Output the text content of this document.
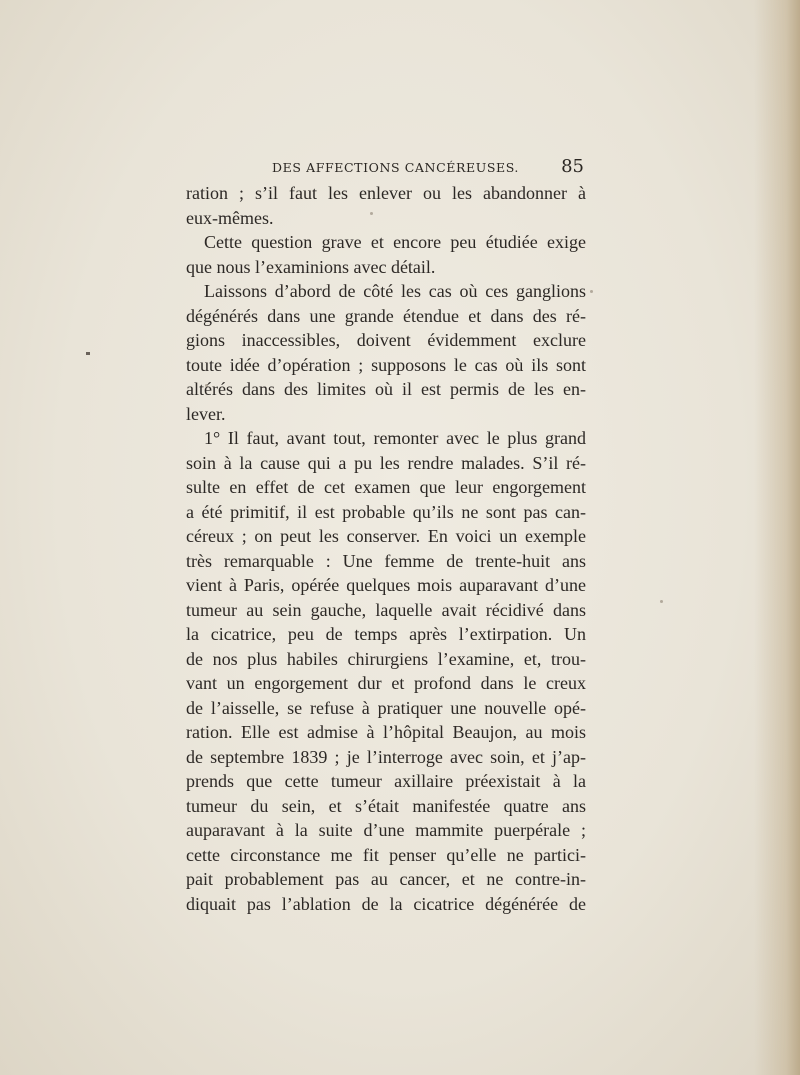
DES AFFECTIONS CANCÉREUSES. 85
ration ; s’il faut les enlever ou les abandonner à
eux-mêmes.
Cette question grave et encore peu étudiée exige
que nous l’examinions avec détail.
Laissons d’abord de côté les cas où ces ganglions
dégénérés dans une grande étendue et dans des ré-
gions inaccessibles, doivent évidemment exclure
toute idée d’opération ; supposons le cas où ils sont
altérés dans des limites où il est permis de les en-
lever.
1° Il faut, avant tout, remonter avec le plus grand
soin à la cause qui a pu les rendre malades. S’il ré-
sulte en effet de cet examen que leur engorgement
a été primitif, il est probable qu’ils ne sont pas can-
céreux ; on peut les conserver. En voici un exemple
très remarquable : Une femme de trente-huit ans
vient à Paris, opérée quelques mois auparavant d’une
tumeur au sein gauche, laquelle avait récidivé dans
la cicatrice, peu de temps après l’extirpation. Un
de nos plus habiles chirurgiens l’examine, et, trou-
vant un engorgement dur et profond dans le creux
de l’aisselle, se refuse à pratiquer une nouvelle opé-
ration. Elle est admise à l’hôpital Beaujon, au mois
de septembre 1839 ; je l’interroge avec soin, et j’ap-
prends que cette tumeur axillaire préexistait à la
tumeur du sein, et s’était manifestée quatre ans
auparavant à la suite d’une mammite puerpérale ;
cette circonstance me fit penser qu’elle ne partici-
pait probablement pas au cancer, et ne contre-in-
diquait pas l’ablation de la cicatrice dégénérée de
